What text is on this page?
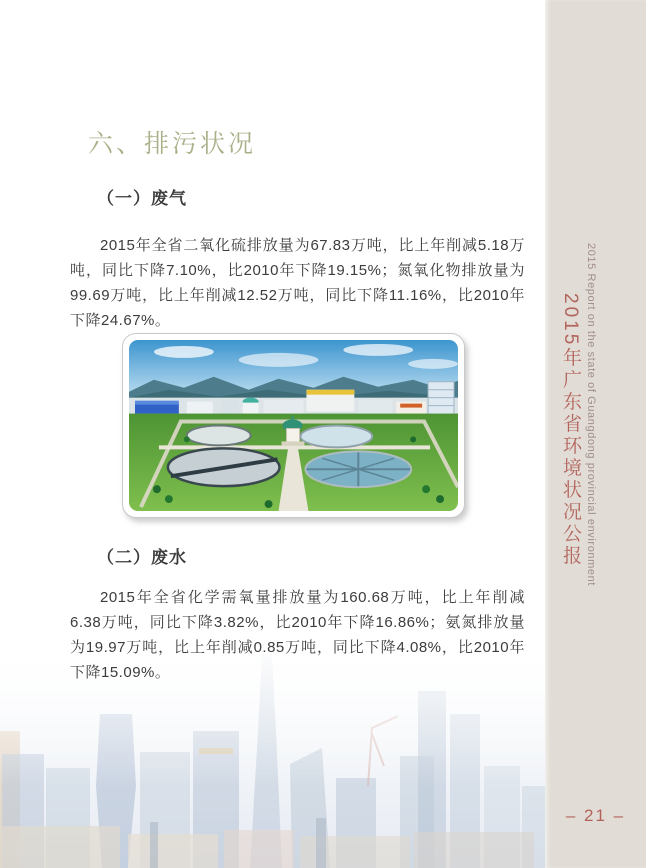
六、排污状况
（一）废气

2015年全省二氧化硫排放量为67.83万吨，比上年削减5.18万吨，同比下降7.10%，比2010年下降19.15%；氮氧化物排放量为99.69万吨，比上年削减12.52万吨，同比下降11.16%，比2010年下降24.67%。

（二）废水

2015年全省化学需氧量排放量为160.68万吨，比上年削减6.38万吨，同比下降3.82%，比2010年下降16.86%；氨氮排放量为19.97万吨，比上年削减0.85万吨，同比下降4.08%，比2010年下降15.09%。

2015 Report on the state of Guangdong provincial environment
2015年广东省环境状况公报
– 21 –
